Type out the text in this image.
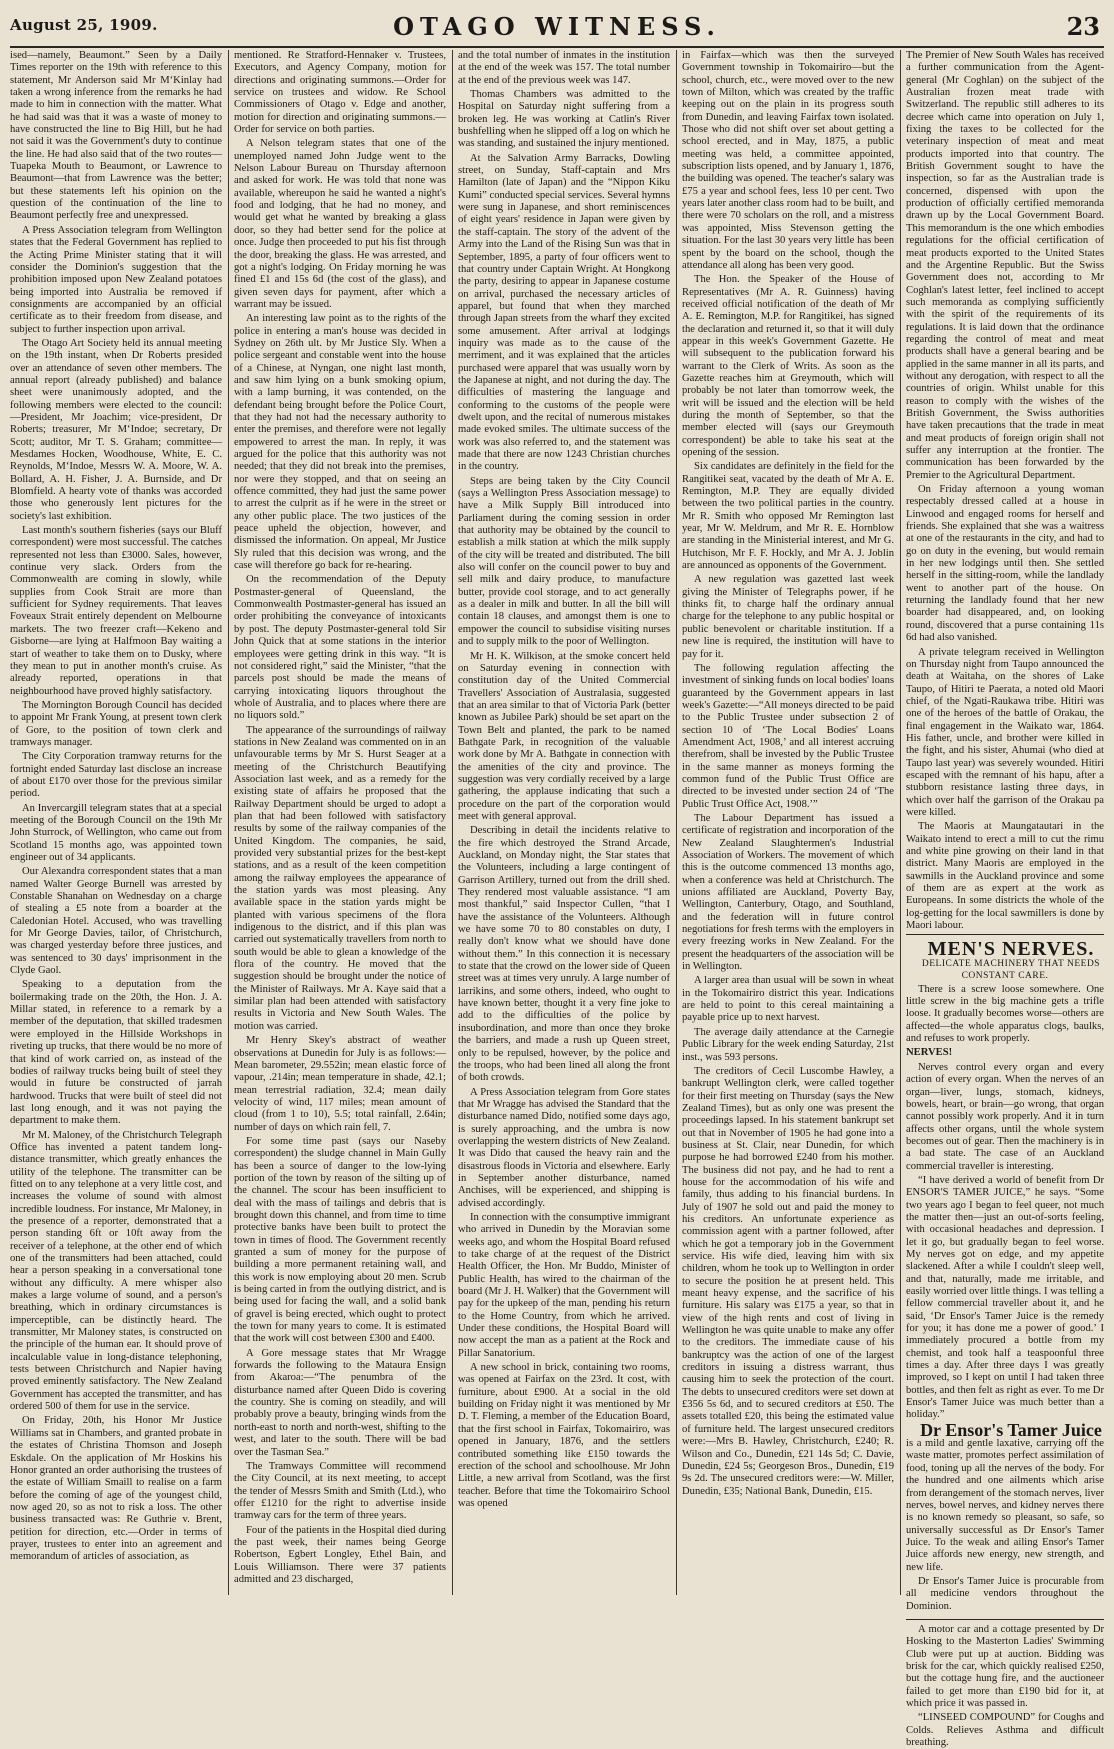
August 25, 1909.	OTAGO WITNESS.	23

ised—namely, Beaumont.” Seen by a Daily Times reporter on the 19th with reference to this statement, Mr Anderson said Mr M‘Kinlay had taken a wrong inference from the remarks he had made to him in connection with the matter. What he had said was that it was a waste of money to have constructed the line to Big Hill, but he had not said it was the Government's duty to continue the line. He had also said that of the two routes—Tuapeka Mouth to Beaumont, or Lawrence to Beaumont—that from Lawrence was the better; but these statements left his opinion on the question of the continuation of the line to Beaumont perfectly free and unexpressed.

A Press Association telegram from Wellington states that the Federal Government has replied to the Acting Prime Minister stating that it will consider the Dominion's suggestion that the prohibition imposed upon New Zealand potatoes being imported into Australia be removed if consignments are accompanied by an official certificate as to their freedom from disease, and subject to further inspection upon arrival.

The Otago Art Society held its annual meeting on the 19th instant, when Dr Roberts presided over an attendance of seven other members. The annual report (already published) and balance sheet were unanimously adopted, and the following members were elected to the council:—President, Mr Joachim; vice-president, Dr Roberts; treasurer, Mr M‘Indoe; secretary, Dr Scott; auditor, Mr T. S. Graham; committee—Mesdames Hocken, Woodhouse, White, E. C. Reynolds, M‘Indoe, Messrs W. A. Moore, W. A. Bollard, A. H. Fisher, J. A. Burnside, and Dr Blomfield. A hearty vote of thanks was accorded those who generously lent pictures for the society's last exhibition.

Last month's southern fisheries (says our Bluff correspondent) were most successful. The catches represented not less than £3000. Sales, however, continue very slack. Orders from the Commonwealth are coming in slowly, while supplies from Cook Strait are more than sufficient for Sydney requirements. That leaves Foveaux Strait entirely dependent on Melbourne markets. The two freezer craft—Kekeno and Gisborne—are lying at Halfmoon Bay waiting a start of weather to take them on to Dusky, where they mean to put in another month's cruise. As already reported, operations in that neighbourhood have proved highly satisfactory.

The Mornington Borough Council has decided to appoint Mr Frank Young, at present town clerk of Gore, to the position of town clerk and tramways manager.

The City Corporation tramway returns for the fortnight ended Saturday last disclose an increase of about £170 over those for the previous similar period.

An Invercargill telegram states that at a special meeting of the Borough Council on the 19th Mr John Sturrock, of Wellington, who came out from Scotland 15 months ago, was appointed town engineer out of 34 applicants.

Our Alexandra correspondent states that a man named Walter George Burnell was arrested by Constable Shanahan on Wednesday on a charge of stealing a £5 note from a boarder at the Caledonian Hotel. Accused, who was travelling for Mr George Davies, tailor, of Christchurch, was charged yesterday before three justices, and was sentenced to 30 days' imprisonment in the Clyde Gaol.

Speaking to a deputation from the boilermaking trade on the 20th, the Hon. J. A. Millar stated, in reference to a remark by a member of the deputation, that skilled tradesmen were employed in the Hillside Workshops in riveting up trucks, that there would be no more of that kind of work carried on, as instead of the bodies of railway trucks being built of steel they would in future be constructed of jarrah hardwood. Trucks that were built of steel did not last long enough, and it was not paying the department to make them.

Mr M. Maloney, of the Christchurch Telegraph Office has invented a patent tandem long-distance transmitter, which greatly enhances the utility of the telephone. The transmitter can be fitted on to any telephone at a very little cost, and increases the volume of sound with almost incredible loudness. For instance, Mr Maloney, in the presence of a reporter, demonstrated that a person standing 6ft or 10ft away from the receiver of a telephone, at the other end of which one of the transmitters had been attached, could hear a person speaking in a conversational tone without any difficulty. A mere whisper also makes a large volume of sound, and a person's breathing, which in ordinary circumstances is imperceptible, can be distinctly heard. The transmitter, Mr Maloney states, is constructed on the principle of the human ear. It should prove of incalculable value in long-distance telephoning, tests between Christchurch and Napier having proved eminently satisfactory. The New Zealand Government has accepted the transmitter, and has ordered 500 of them for use in the service.

On Friday, 20th, his Honor Mr Justice Williams sat in Chambers, and granted probate in the estates of Christina Thomson and Joseph Eskdale. On the application of Mr Hoskins his Honor granted an order authorising the trustees of the estate of William Smaill to realise on a farm before the coming of age of the youngest child, now aged 20, so as not to risk a loss. The other business transacted was: Re Guthrie v. Brent, petition for direction, etc.—Order in terms of prayer, trustees to enter into an agreement and memorandum of articles of association, as

mentioned. Re Stratford-Hennaker v. Trustees, Executors, and Agency Company, motion for directions and originating summons.—Order for service on trustees and widow. Re School Commissioners of Otago v. Edge and another, motion for direction and originating summons.—Order for service on both parties.

A Nelson telegram states that one of the unemployed named John Judge went to the Nelson Labour Bureau on Thursday afternoon and asked for work. He was told that none was available, whereupon he said he wanted a night's food and lodging, that he had no money, and would get what he wanted by breaking a glass door, so they had better send for the police at once. Judge then proceeded to put his fist through the door, breaking the glass. He was arrested, and got a night's lodging. On Friday morning he was fined £1 and 15s 6d (the cost of the glass), and given seven days for payment, after which a warrant may be issued.

An interesting law point as to the rights of the police in entering a man's house was decided in Sydney on 26th ult. by Mr Justice Sly. When a police sergeant and constable went into the house of a Chinese, at Nyngan, one night last month, and saw him lying on a bunk smoking opium, with a lamp burning, it was contended, on the defendant being brought before the Police Court, that they had not had the necessary authority to enter the premises, and therefore were not legally empowered to arrest the man. In reply, it was argued for the police that this authority was not needed; that they did not break into the premises, nor were they stopped, and that on seeing an offence committed, they had just the same power to arrest the culprit as if he were in the street or any other public place. The two justices of the peace upheld the objection, however, and dismissed the information. On appeal, Mr Justice Sly ruled that this decision was wrong, and the case will therefore go back for re-hearing.

On the recommendation of the Deputy Postmaster-general of Queensland, the Commonwealth Postmaster-general has issued an order prohibiting the conveyance of intoxicants by post. The deputy Postmaster-general told Sir John Quick that at some stations in the interior employees were getting drink in this way. “It is not considered right,” said the Minister, “that the parcels post should be made the means of carrying intoxicating liquors throughout the whole of Australia, and to places where there are no liquors sold.”

The appearance of the surroundings of railway stations in New Zealand was commented on in an unfavourable terms by Mr S. Hurst Seager at a meeting of the Christchurch Beautifying Association last week, and as a remedy for the existing state of affairs he proposed that the Railway Department should be urged to adopt a plan that had been followed with satisfactory results by some of the railway companies of the United Kingdom. The companies, he said, provided very substantial prizes for the best-kept stations, and as a result of the keen competition among the railway employees the appearance of the station yards was most pleasing. Any available space in the station yards might be planted with various specimens of the flora indigenous to the district, and if this plan was carried out systematically travellers from north to south would be able to glean a knowledge of the flora of the country. He moved that the suggestion should be brought under the notice of the Minister of Railways. Mr A. Kaye said that a similar plan had been attended with satisfactory results in Victoria and New South Wales. The motion was carried.

Mr Henry Skey's abstract of weather observations at Dunedin for July is as follows:—Mean barometer, 29.552in; mean elastic force of vapour, .214in; mean temperature in shade, 42.1; mean terrestrial radiation, 32.4; mean daily velocity of wind, 117 miles; mean amount of cloud (from 1 to 10), 5.5; total rainfall, 2.64in; number of days on which rain fell, 7.

For some time past (says our Naseby correspondent) the sludge channel in Main Gully has been a source of danger to the low-lying portion of the town by reason of the silting up of the channel. The scour has been insufficient to deal with the mass of tailings and debris that is brought down this channel, and from time to time protective banks have been built to protect the town in times of flood. The Government recently granted a sum of money for the purpose of building a more permanent retaining wall, and this work is now employing about 20 men. Scrub is being carted in from the outlying district, and is being used for facing the wall, and a solid bank of gravel is being erected, which ought to protect the town for many years to come. It is estimated that the work will cost between £300 and £400.

A Gore message states that Mr Wragge forwards the following to the Mataura Ensign from Akaroa:—“The penumbra of the disturbance named after Queen Dido is covering the country. She is coming on steadily, and will probably prove a beauty, bringing winds from the north-east to north and north-west, shifting to the west, and later to the south. There will be bad over the Tasman Sea.”

The Tramways Committee will recommend the City Council, at its next meeting, to accept the tender of Messrs Smith and Smith (Ltd.), who offer £1210 for the right to advertise inside tramway cars for the term of three years.

Four of the patients in the Hospital died during the past week, their names being George Robertson, Egbert Longley, Ethel Bain, and Louis Williamson. There were 37 patients admitted and 23 discharged,

and the total number of inmates in the institution at the end of the week was 157. The total number at the end of the previous week was 147.

Thomas Chambers was admitted to the Hospital on Saturday night suffering from a broken leg. He was working at Catlin's River bushfelling when he slipped off a log on which he was standing, and sustained the injury mentioned.

At the Salvation Army Barracks, Dowling street, on Sunday, Staff-captain and Mrs Hamilton (late of Japan) and the “Nippon Kiku Kumi” conducted special services. Several hymns were sung in Japanese, and short reminiscences of eight years' residence in Japan were given by the staff-captain. The story of the advent of the Army into the Land of the Rising Sun was that in September, 1895, a party of four officers went to that country under Captain Wright. At Hongkong the party, desiring to appear in Japanese costume on arrival, purchased the necessary articles of apparel, but found that when they marched through Japan streets from the wharf they excited some amusement. After arrival at lodgings inquiry was made as to the cause of the merriment, and it was explained that the articles purchased were apparel that was usually worn by the Japanese at night, and not during the day. The difficulties of mastering the language and conforming to the customs of the people were dwelt upon, and the recital of numerous mistakes made evoked smiles. The ultimate success of the work was also referred to, and the statement was made that there are now 1243 Christian churches in the country.

Steps are being taken by the City Council (says a Wellington Press Association message) to have a Milk Supply Bill introduced into Parliament during the coming session in order that authority may be obtained by the council to establish a milk station at which the milk supply of the city will be treated and distributed. The bill also will confer on the council power to buy and sell milk and dairy produce, to manufacture butter, provide cool storage, and to act generally as a dealer in milk and butter. In all the bill will contain 18 clauses, and amongst them is one to empower the council to subsidise visiting nurses and to supply milk to the poor of Wellington.

Mr H. K. Wilkison, at the smoke concert held on Saturday evening in connection with constitution day of the United Commercial Travellers' Association of Australasia, suggested that an area similar to that of Victoria Park (better known as Jubilee Park) should be set apart on the Town Belt and planted, the park to be named Bathgate Park, in recognition of the valuable work done by Mr A. Bathgate in connection with the amenities of the city and province. The suggestion was very cordially received by a large gathering, the applause indicating that such a procedure on the part of the corporation would meet with general approval.

Describing in detail the incidents relative to the fire which destroyed the Strand Arcade, Auckland, on Monday night, the Star states that the Volunteers, including a large contingent of Garrison Artillery, turned out from the drill shed. They rendered most valuable assistance. “I am most thankful,” said Inspector Cullen, “that I have the assistance of the Volunteers. Although we have some 70 to 80 constables on duty, I really don't know what we should have done without them.” In this connection it is necessary to state that the crowd on the lower side of Queen street was at times very unruly. A large number of larrikins, and some others, indeed, who ought to have known better, thought it a very fine joke to add to the difficulties of the police by insubordination, and more than once they broke the barriers, and made a rush up Queen street, only to be repulsed, however, by the police and the troops, who had been lined all along the front of both crowds.

A Press Association telegram from Gore states that Mr Wragge has advised the Standard that the disturbance named Dido, notified some days ago, is surely approaching, and the umbra is now overlapping the western districts of New Zealand. It was Dido that caused the heavy rain and the disastrous floods in Victoria and elsewhere. Early in September another disturbance, named Anchises, will be experienced, and shipping is advised accordingly.

In connection with the consumptive immigrant who arrived in Dunedin by the Moravian some weeks ago, and whom the Hospital Board refused to take charge of at the request of the District Health Officer, the Hon. Mr Buddo, Minister of Public Health, has wired to the chairman of the board (Mr J. H. Walker) that the Government will pay for the upkeep of the man, pending his return to the Home Country, from which he arrived. Under these conditions, the Hospital Board will now accept the man as a patient at the Rock and Pillar Sanatorium.

A new school in brick, containing two rooms, was opened at Fairfax on the 23rd. It cost, with furniture, about £900. At a social in the old building on Friday night it was mentioned by Mr D. T. Fleming, a member of the Education Board, that the first school in Fairfax, Tokomairiro, was opened in January, 1876, and the settlers contributed something like £150 towards the erection of the school and schoolhouse. Mr John Little, a new arrival from Scotland, was the first teacher. Before that time the Tokomairiro School was opened

in Fairfax—which was then the surveyed Government township in Tokomairiro—but the school, church, etc., were moved over to the new town of Milton, which was created by the traffic keeping out on the plain in its progress south from Dunedin, and leaving Fairfax town isolated. Those who did not shift over set about getting a school erected, and in May, 1875, a public meeting was held, a committee appointed, subscription lists opened, and by January 1, 1876, the building was opened. The teacher's salary was £75 a year and school fees, less 10 per cent. Two years later another class room had to be built, and there were 70 scholars on the roll, and a mistress was appointed, Miss Stevenson getting the situation. For the last 30 years very little has been spent by the board on the school, though the attendance all along has been very good.

The Hon. the Speaker of the House of Representatives (Mr A. R. Guinness) having received official notification of the death of Mr A. E. Remington, M.P. for Rangitikei, has signed the declaration and returned it, so that it will duly appear in this week's Government Gazette. He will subsequent to the publication forward his warrant to the Clerk of Writs. As soon as the Gazette reaches him at Greymouth, which will probably be not later than tomorrow week, the writ will be issued and the election will be held during the month of September, so that the member elected will (says our Greymouth correspondent) be able to take his seat at the opening of the session.

Six candidates are definitely in the field for the Rangitikei seat, vacated by the death of Mr A. E. Remington, M.P. They are equally divided between the two political parties in the country. Mr R. Smith who opposed Mr Remington last year, Mr W. Meldrum, and Mr R. E. Hornblow are standing in the Ministerial interest, and Mr G. Hutchison, Mr F. F. Hockly, and Mr A. J. Joblin are announced as opponents of the Government.

A new regulation was gazetted last week giving the Minister of Telegraphs power, if he thinks fit, to charge half the ordinary annual charge for the telephone to any public hospital or public benevolent or charitable institution. If a new line is required, the institution will have to pay for it.

The following regulation affecting the investment of sinking funds on local bodies' loans guaranteed by the Government appears in last week's Gazette:—“All moneys directed to be paid to the Public Trustee under subsection 2 of section 10 of ‘The Local Bodies' Loans Amendment Act, 1908,’ and all interest accruing therefrom, shall be invested by the Public Trustee in the same manner as moneys forming the common fund of the Public Trust Office are directed to be invested under section 24 of ‘The Public Trust Office Act, 1908.’”

The Labour Department has issued a certificate of registration and incorporation of the New Zealand Slaughtermen's Industrial Association of Workers. The movement of which this is the outcome commenced 13 months ago, when a conference was held at Christchurch. The unions affiliated are Auckland, Poverty Bay, Wellington, Canterbury, Otago, and Southland, and the federation will in future control negotiations for fresh terms with the employers in every freezing works in New Zealand. For the present the headquarters of the association will be in Wellington.

A larger area than usual will be sown in wheat in the Tokomairiro district this year. Indications are held to point to this cereal maintaining a payable price up to next harvest.

The average daily attendance at the Carnegie Public Library for the week ending Saturday, 21st inst., was 593 persons.

The creditors of Cecil Luscombe Hawley, a bankrupt Wellington clerk, were called together for their first meeting on Thursday (says the New Zealand Times), but as only one was present the proceedings lapsed. In his statement bankrupt set out that in November of 1905 he had gone into a business at St. Clair, near Dunedin, for which purpose he had borrowed £240 from his mother. The business did not pay, and he had to rent a house for the accommodation of his wife and family, thus adding to his financial burdens. In July of 1907 he sold out and paid the money to his creditors. An unfortunate experience as commission agent with a partner followed, after which he got a temporary job in the Government service. His wife died, leaving him with six children, whom he took up to Wellington in order to secure the position he at present held. This meant heavy expense, and the sacrifice of his furniture. His salary was £175 a year, so that in view of the high rents and cost of living in Wellington he was quite unable to make any offer to the creditors. The immediate cause of his bankruptcy was the action of one of the largest creditors in issuing a distress warrant, thus causing him to seek the protection of the court. The debts to unsecured creditors were set down at £356 5s 6d, and to secured creditors at £50. The assets totalled £20, this being the estimated value of furniture held. The largest unsecured creditors were:—Mrs B. Hawley, Christchurch, £240; R. Wilson and Co., Dunedin, £21 14s 5d; C. Davie, Dunedin, £24 5s; Georgeson Bros., Dunedin, £19 9s 2d. The unsecured creditors were:—W. Miller, Dunedin, £35; National Bank, Dunedin, £15.

The Premier of New South Wales has received a further communication from the Agent-general (Mr Coghlan) on the subject of the Australian frozen meat trade with Switzerland. The republic still adheres to its decree which came into operation on July 1, fixing the taxes to be collected for the veterinary inspection of meat and meat products imported into that country. The British Government sought to have the inspection, so far as the Australian trade is concerned, dispensed with upon the production of officially certified memoranda drawn up by the Local Government Board. This memorandum is the one which embodies regulations for the official certification of meat products exported to the United States and the Argentine Republic. But the Swiss Government does not, according to Mr Coghlan's latest letter, feel inclined to accept such memoranda as complying sufficiently with the spirit of the requirements of its regulations. It is laid down that the ordinance regarding the control of meat and meat products shall have a general bearing and be applied in the same manner in all its parts, and without any derogation, with respect to all the countries of origin. Whilst unable for this reason to comply with the wishes of the British Government, the Swiss authorities have taken precautions that the trade in meat and meat products of foreign origin shall not suffer any interruption at the frontier. The communication has been forwarded by the Premier to the Agricultural Department.

On Friday afternoon a young woman respectably dressed called at a house in Linwood and engaged rooms for herself and friends. She explained that she was a waitress at one of the restaurants in the city, and had to go on duty in the evening, but would remain in her new lodgings until then. She settled herself in the sitting-room, while the landlady went to another part of the house. On returning the landlady found that her new boarder had disappeared, and, on looking round, discovered that a purse containing 11s 6d had also vanished.

A private telegram received in Wellington on Thursday night from Taupo announced the death at Waitaha, on the shores of Lake Taupo, of Hitiri te Paerata, a noted old Maori chief, of the Ngati-Raukawa tribe. Hitiri was one of the heroes of the battle of Orakau, the final engagement in the Waikato war, 1864. His father, uncle, and brother were killed in the fight, and his sister, Ahumai (who died at Taupo last year) was severely wounded. Hitiri escaped with the remnant of his hapu, after a stubborn resistance lasting three days, in which over half the garrison of the Orakau pa were killed.

The Maoris at Maungatautari in the Waikato intend to erect a mill to cut the rimu and white pine growing on their land in that district. Many Maoris are employed in the sawmills in the Auckland province and some of them are as expert at the work as Europeans. In some districts the whole of the log-getting for the local sawmillers is done by Maori labour.

MEN'S NERVES.

DELICATE MACHINERY THAT NEEDS CONSTANT CARE.

There is a screw loose somewhere. One little screw in the big machine gets a trifle loose. It gradually becomes worse—others are affected—the whole apparatus clogs, baulks, and refuses to work properly.

NERVES!

Nerves control every organ and every action of every organ. When the nerves of an organ—liver, lungs, stomach, kidneys, bowels, heart, or brain—go wrong, that organ cannot possibly work properly. And it in turn affects other organs, until the whole system becomes out of gear. Then the machinery is in a bad state. The case of an Auckland commercial traveller is interesting.

“I have derived a world of benefit from Dr ENSOR'S TAMER JUICE,” he says. “Some two years ago I began to feel queer, not much the matter then—just an out-of-sorts feeling, with occasional headaches and depression. I let it go, but gradually began to feel worse. My nerves got on edge, and my appetite slackened. After a while I couldn't sleep well, and that, naturally, made me irritable, and easily worried over little things. I was telling a fellow commercial traveller about it, and he said, ‘Dr Ensor's Tamer Juice is the remedy for you; it has done me a power of good.’ I immediately procured a bottle from my chemist, and took half a teaspoonful three times a day. After three days I was greatly improved, so I kept on until I had taken three bottles, and then felt as right as ever. To me Dr Ensor's Tamer Juice was much better than a holiday.”

Dr Ensor's Tamer Juice

is a mild and gentle laxative, carrying off the waste matter, promotes perfect assimilation of food, toning up all the nerves of the body. For the hundred and one ailments which arise from derangement of the stomach nerves, liver nerves, bowel nerves, and kidney nerves there is no known remedy so pleasant, so safe, so universally successful as Dr Ensor's Tamer Juice. To the weak and ailing Ensor's Tamer Juice affords new energy, new strength, and new life.

Dr Ensor's Tamer Juice is procurable from all medicine vendors throughout the Dominion.

A motor car and a cottage presented by Dr Hosking to the Masterton Ladies' Swimming Club were put up at auction. Bidding was brisk for the car, which quickly realised £250, but the cottage hung fire, and the auctioneer failed to get more than £190 bid for it, at which price it was passed in.

“LINSEED COMPOUND” for Coughs and Colds. Relieves Asthma and difficult breathing.
